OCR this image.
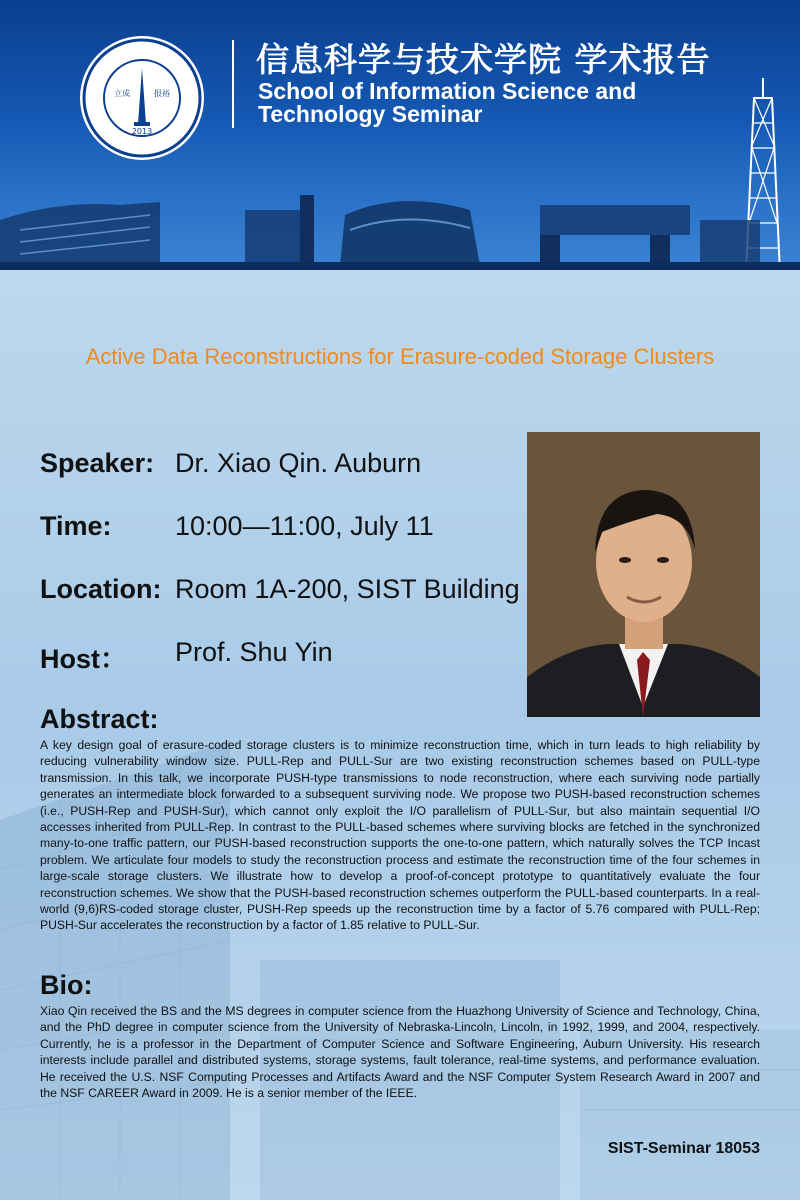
2013
立成	报裕
信息科学与技术学院 学术报告
School of Information Science and Technology Seminar
Active Data Reconstructions for Erasure-coded Storage Clusters
Speaker: Dr. Xiao Qin. Auburn
Time: 10:00—11:00, July 11
Location: Room 1A-200, SIST Building
Host： Prof. Shu Yin
Abstract:
A key design goal of erasure-coded storage clusters is to minimize reconstruction time, which in turn leads to high reliability by reducing vulnerability window size. PULL-Rep and PULL-Sur are two existing reconstruction schemes based on PULL-type transmission. In this talk, we incorporate PUSH-type transmissions to node reconstruction, where each surviving node partially generates an intermediate block forwarded to a subsequent surviving node. We propose two PUSH-based reconstruction schemes (i.e., PUSH-Rep and PUSH-Sur), which cannot only exploit the I/O parallelism of PULL-Sur, but also maintain sequential I/O accesses inherited from PULL-Rep. In contrast to the PULL-based schemes where surviving blocks are fetched in the synchronized many-to-one traffic pattern, our PUSH-based reconstruction supports the one-to-one pattern, which naturally solves the TCP Incast problem. We articulate four models to study the reconstruction process and estimate the reconstruction time of the four schemes in large-scale storage clusters. We illustrate how to develop a proof-of-concept prototype to quantitatively evaluate the four reconstruction schemes. We show that the PUSH-based reconstruction schemes outperform the PULL-based counterparts. In a real-world (9,6)RS-coded storage cluster, PUSH-Rep speeds up the reconstruction time by a factor of 5.76 compared with PULL-Rep; PUSH-Sur accelerates the reconstruction by a factor of 1.85 relative to PULL-Sur.
Bio:
Xiao Qin received the BS and the MS degrees in computer science from the Huazhong University of Science and Technology, China, and the PhD degree in computer science from the University of Nebraska-Lincoln, Lincoln, in 1992, 1999, and 2004, respectively. Currently, he is a professor in the Department of Computer Science and Software Engineering, Auburn University. His research interests include parallel and distributed systems, storage systems, fault tolerance, real-time systems, and performance evaluation. He received the U.S. NSF Computing Processes and Artifacts Award and the NSF Computer System Research Award in 2007 and the NSF CAREER Award in 2009. He is a senior member of the IEEE.
SIST-Seminar 18053
